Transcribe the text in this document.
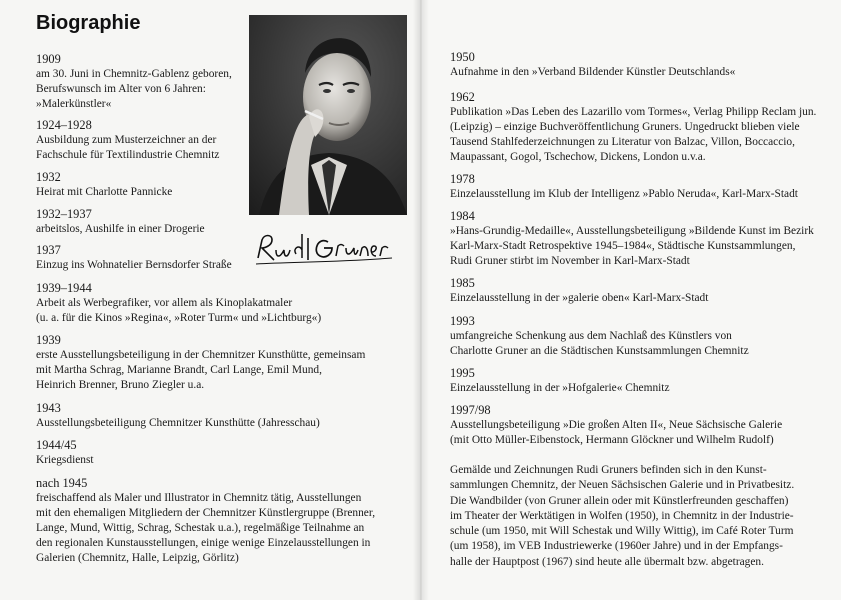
Biographie
1909
am 30. Juni in Chemnitz-Gablenz geboren,
Berufswunsch im Alter von 6 Jahren:
»Malerkünstler«
1924–1928
Ausbildung zum Musterzeichner an der
Fachschule für Textilindustrie Chemnitz
1932
Heirat mit Charlotte Pannicke
1932–1937
arbeitslos, Aushilfe in einer Drogerie
1937
Einzug ins Wohnatelier Bernsdorfer Straße
1939–1944
Arbeit als Werbegrafiker, vor allem als Kinoplakatmaler
(u. a. für die Kinos »Regina«, »Roter Turm« und »Lichtburg«)
1939
erste Ausstellungsbeteiligung in der Chemnitzer Kunsthütte, gemeinsam
mit Martha Schrag, Marianne Brandt, Carl Lange, Emil Mund,
Heinrich Brenner, Bruno Ziegler u.a.
1943
Ausstellungsbeteiligung Chemnitzer Kunsthütte (Jahresschau)
1944/45
Kriegsdienst
nach 1945
freischaffend als Maler und Illustrator in Chemnitz tätig, Ausstellungen
mit den ehemaligen Mitgliedern der Chemnitzer Künstlergruppe (Brenner,
Lange, Mund, Wittig, Schrag, Schestak u.a.), regelmäßige Teilnahme an
den regionalen Kunstausstellungen, einige wenige Einzelausstellungen in
Galerien (Chemnitz, Halle, Leipzig, Görlitz)
1950
Aufnahme in den »Verband Bildender Künstler Deutschlands«
1962
Publikation »Das Leben des Lazarillo vom Tormes«, Verlag Philipp Reclam jun.
(Leipzig) – einzige Buchveröffentlichung Gruners. Ungedruckt blieben viele
Tausend Stahlfederzeichnungen zu Literatur von Balzac, Villon, Boccaccio,
Maupassant, Gogol, Tschechow, Dickens, London u.v.a.
1978
Einzelausstellung im Klub der Intelligenz »Pablo Neruda«, Karl-Marx-Stadt
1984
»Hans-Grundig-Medaille«, Ausstellungsbeteiligung »Bildende Kunst im Bezirk
Karl-Marx-Stadt Retrospektive 1945–1984«, Städtische Kunstsammlungen,
Rudi Gruner stirbt im November in Karl-Marx-Stadt
1985
Einzelausstellung in der »galerie oben« Karl-Marx-Stadt
1993
umfangreiche Schenkung aus dem Nachlaß des Künstlers von
Charlotte Gruner an die Städtischen Kunstsammlungen Chemnitz
1995
Einzelausstellung in der »Hofgalerie« Chemnitz
1997/98
Ausstellungsbeteiligung »Die großen Alten II«, Neue Sächsische Galerie
(mit Otto Müller-Eibenstock, Hermann Glöckner und Wilhelm Rudolf)
Gemälde und Zeichnungen Rudi Gruners befinden sich in den Kunst-
sammlungen Chemnitz, der Neuen Sächsischen Galerie und in Privatbesitz.
Die Wandbilder (von Gruner allein oder mit Künstlerfreunden geschaffen)
im Theater der Werktätigen in Wolfen (1950), in Chemnitz in der Industrie-
schule (um 1950, mit Will Schestak und Willy Wittig), im Café Roter Turm
(um 1958), im VEB Industriewerke (1960er Jahre) und in der Empfangs-
halle der Hauptpost (1967) sind heute alle übermalt bzw. abgetragen.
